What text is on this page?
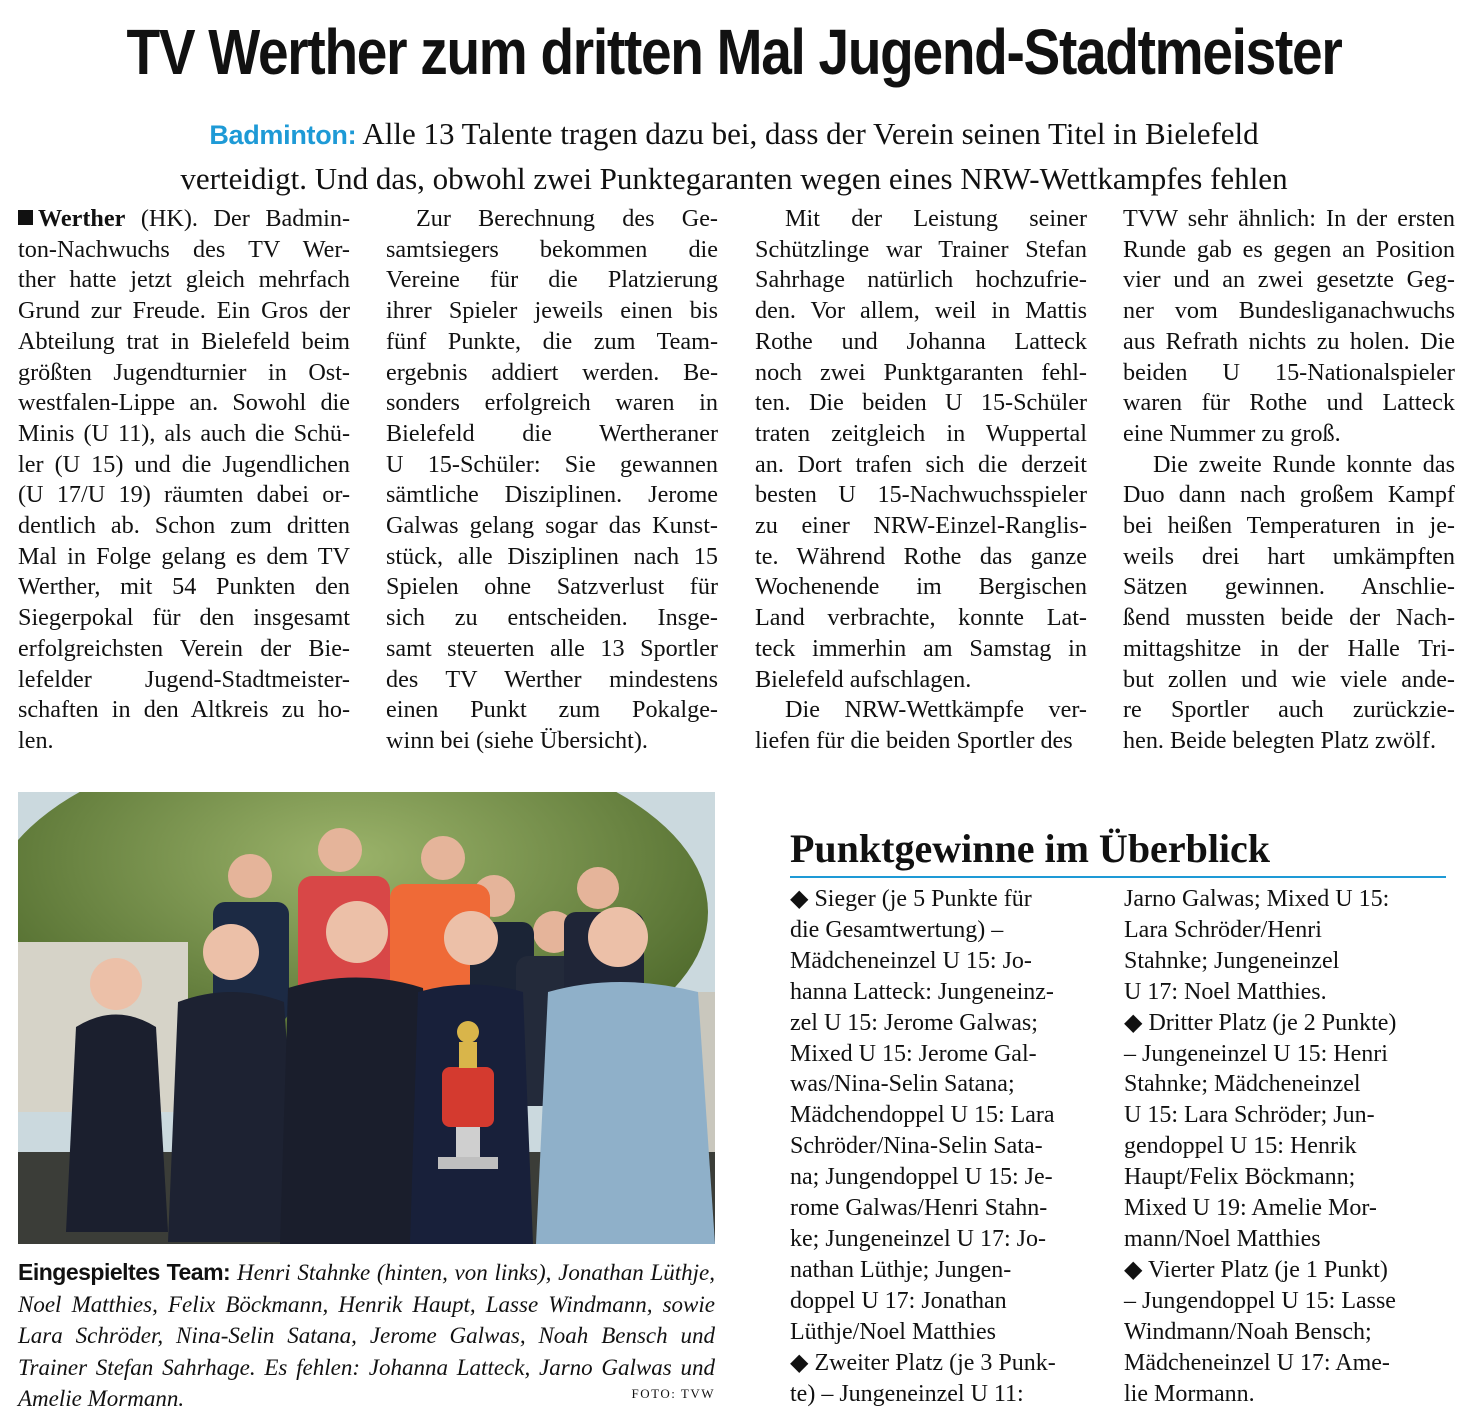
TV Werther zum dritten Mal Jugend-Stadtmeister
Badminton: Alle 13 Talente tragen dazu bei, dass der Verein seinen Titel in Bielefeld
verteidigt. Und das, obwohl zwei Punktegaranten wegen eines NRW-Wettkampfes fehlen
Werther (HK). Der Badmin-
ton-Nachwuchs des TV Wer-
ther hatte jetzt gleich mehrfach
Grund zur Freude. Ein Gros der
Abteilung trat in Bielefeld beim
größten Jugendturnier in Ost-
westfalen-Lippe an. Sowohl die
Minis (U 11), als auch die Schü-
ler (U 15) und die Jugendlichen
(U 17/U 19) räumten dabei or-
dentlich ab. Schon zum dritten
Mal in Folge gelang es dem TV
Werther, mit 54 Punkten den
Siegerpokal für den insgesamt
erfolgreichsten Verein der Bie-
lefelder Jugend-Stadtmeister-
schaften in den Altkreis zu ho-
len.
Zur Berechnung des Ge-
samtsiegers bekommen die
Vereine für die Platzierung
ihrer Spieler jeweils einen bis
fünf Punkte, die zum Team-
ergebnis addiert werden. Be-
sonders erfolgreich waren in
Bielefeld die Wertheraner
U 15-Schüler: Sie gewannen
sämtliche Disziplinen. Jerome
Galwas gelang sogar das Kunst-
stück, alle Disziplinen nach 15
Spielen ohne Satzverlust für
sich zu entscheiden. Insge-
samt steuerten alle 13 Sportler
des TV Werther mindestens
einen Punkt zum Pokalge-
winn bei (siehe Übersicht).
Mit der Leistung seiner
Schützlinge war Trainer Stefan
Sahrhage natürlich hochzufrie-
den. Vor allem, weil in Mattis
Rothe und Johanna Latteck
noch zwei Punktgaranten fehl-
ten. Die beiden U 15-Schüler
traten zeitgleich in Wuppertal
an. Dort trafen sich die derzeit
besten U 15-Nachwuchsspieler
zu einer NRW-Einzel-Ranglis-
te. Während Rothe das ganze
Wochenende im Bergischen
Land verbrachte, konnte Lat-
teck immerhin am Samstag in
Bielefeld aufschlagen.
Die NRW-Wettkämpfe ver-
liefen für die beiden Sportler des
TVW sehr ähnlich: In der ersten
Runde gab es gegen an Position
vier und an zwei gesetzte Geg-
ner vom Bundesliganachwuchs
aus Refrath nichts zu holen. Die
beiden U 15-Nationalspieler
waren für Rothe und Latteck
eine Nummer zu groß.
Die zweite Runde konnte das
Duo dann nach großem Kampf
bei heißen Temperaturen in je-
weils drei hart umkämpften
Sätzen gewinnen. Anschlie-
ßend mussten beide der Nach-
mittagshitze in der Halle Tri-
but zollen und wie viele ande-
re Sportler auch zurückzie-
hen. Beide belegten Platz zwölf.
Eingespieltes Team: Henri Stahnke (hinten, von links), Jonathan Lüthje, Noel Matthies, Felix Böckmann, Henrik Haupt, Lasse Windmann, sowie Lara Schröder, Nina-Selin Satana, Jerome Galwas, Noah Bensch und Trainer Stefan Sahrhage. Es fehlen: Johanna Latteck, Jarno Galwas und Amelie Mormann.	FOTO: TVW
Punktgewinne im Überblick
◆ Sieger (je 5 Punkte für
die Gesamtwertung) –
Mädcheneinzel U 15: Jo-
hanna Latteck: Jungeneinz-
zel U 15: Jerome Galwas;
Mixed U 15: Jerome Gal-
was/Nina-Selin Satana;
Mädchendoppel U 15: Lara
Schröder/Nina-Selin Sata-
na; Jungendoppel U 15: Je-
rome Galwas/Henri Stahn-
ke; Jungeneinzel U 17: Jo-
nathan Lüthje; Jungen-
doppel U 17: Jonathan
Lüthje/Noel Matthies
◆ Zweiter Platz (je 3 Punk-
te) – Jungeneinzel U 11:
Jarno Galwas; Mixed U 15:
Lara Schröder/Henri
Stahnke; Jungeneinzel
U 17: Noel Matthies.
◆ Dritter Platz (je 2 Punkte)
– Jungeneinzel U 15: Henri
Stahnke; Mädcheneinzel
U 15: Lara Schröder; Jun-
gendoppel U 15: Henrik
Haupt/Felix Böckmann;
Mixed U 19: Amelie Mor-
mann/Noel Matthies
◆ Vierter Platz (je 1 Punkt)
– Jungendoppel U 15: Lasse
Windmann/Noah Bensch;
Mädcheneinzel U 17: Ame-
lie Mormann.
